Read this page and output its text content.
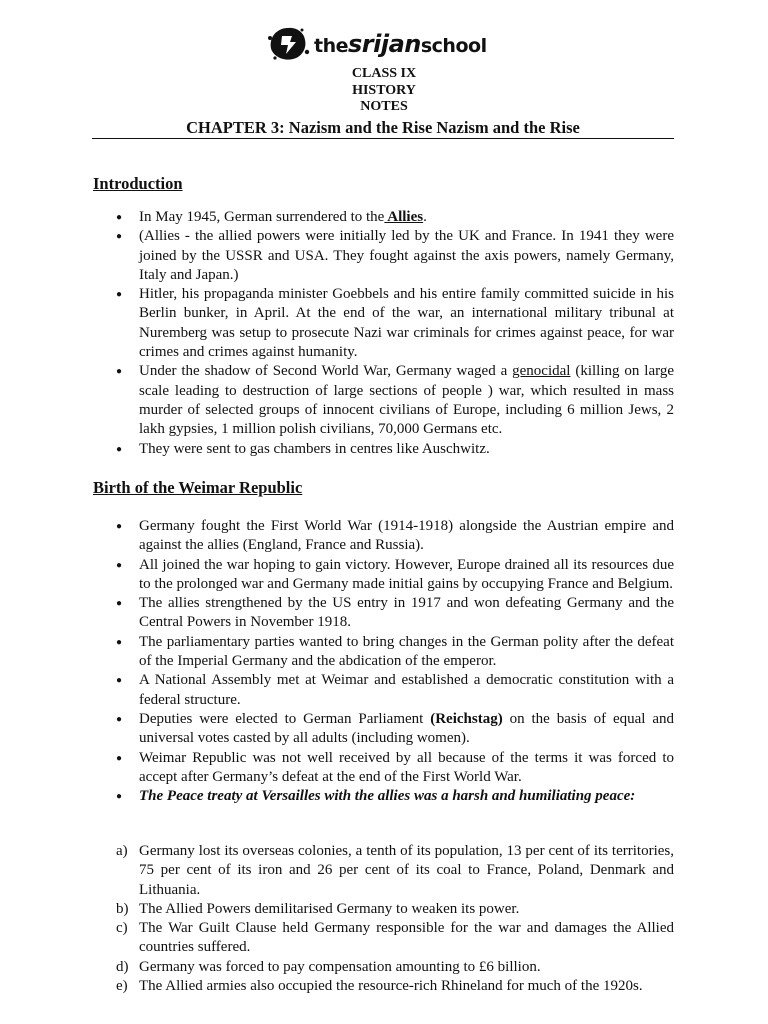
thesrijanschool
CLASS IX
HISTORY
NOTES
CHAPTER 3: Nazism and the Rise Nazism and the Rise
Introduction
● In May 1945, German surrendered to the Allies.
● (Allies - the allied powers were initially led by the UK and France. In 1941 they were joined by the USSR and USA. They fought against the axis powers, namely Germany, Italy and Japan.)
● Hitler, his propaganda minister Goebbels and his entire family committed suicide in his Berlin bunker, in April. At the end of the war, an international military tribunal at Nuremberg was setup to prosecute Nazi war criminals for crimes against peace, for war crimes and crimes against humanity.
● Under the shadow of Second World War, Germany waged a genocidal (killing on large scale leading to destruction of large sections of people ) war, which resulted in mass murder of selected groups of innocent civilians of Europe, including 6 million Jews, 2 lakh gypsies, 1 million polish civilians, 70,000 Germans etc.
● They were sent to gas chambers in centres like Auschwitz.
Birth of the Weimar Republic
● Germany fought the First World War (1914-1918) alongside the Austrian empire and against the allies (England, France and Russia).
● All joined the war hoping to gain victory. However, Europe drained all its resources due to the prolonged war and Germany made initial gains by occupying France and Belgium.
● The allies strengthened by the US entry in 1917 and won defeating Germany and the Central Powers in November 1918.
● The parliamentary parties wanted to bring changes in the German polity after the defeat of the Imperial Germany and the abdication of the emperor.
● A National Assembly met at Weimar and established a democratic constitution with a federal structure.
● Deputies were elected to German Parliament (Reichstag) on the basis of equal and universal votes casted by all adults (including women).
● Weimar Republic was not well received by all because of the terms it was forced to accept after Germany’s defeat at the end of the First World War.
● The Peace treaty at Versailles with the allies was a harsh and humiliating peace:
a) Germany lost its overseas colonies, a tenth of its population, 13 per cent of its territories, 75 per cent of its iron and 26 per cent of its coal to France, Poland, Denmark and Lithuania.
b) The Allied Powers demilitarised Germany to weaken its power.
c) The War Guilt Clause held Germany responsible for the war and damages the Allied countries suffered.
d) Germany was forced to pay compensation amounting to £6 billion.
e) The Allied armies also occupied the resource-rich Rhineland for much of the 1920s.
